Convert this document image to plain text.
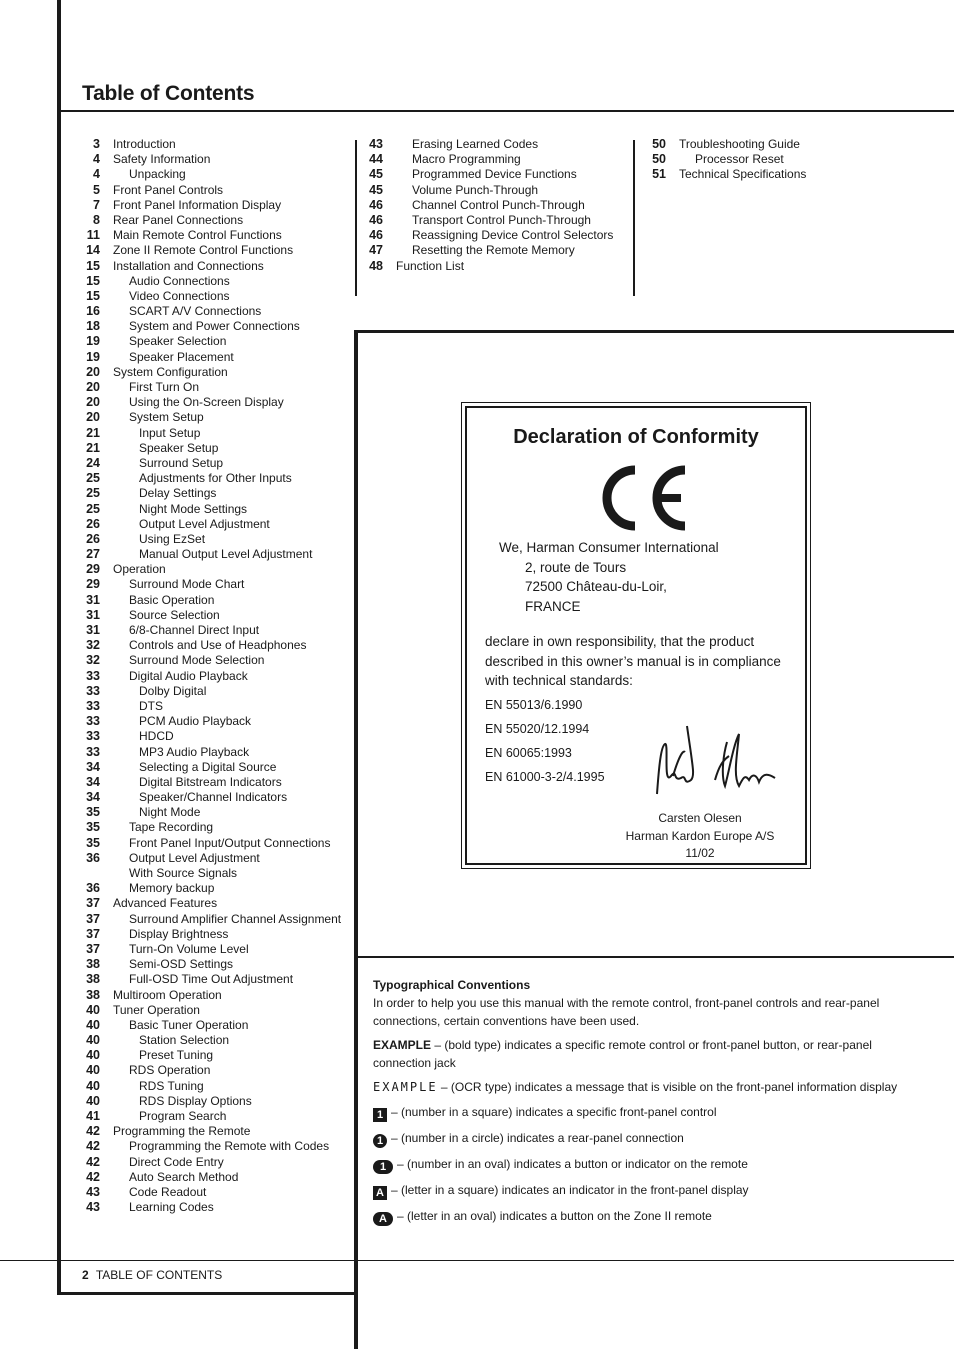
Table of Contents
3 Introduction
4 Safety Information
4 Unpacking
5 Front Panel Controls
7 Front Panel Information Display
8 Rear Panel Connections
11 Main Remote Control Functions
14 Zone II Remote Control Functions
15 Installation and Connections
15 Audio Connections
15 Video Connections
16 SCART A/V Connections
18 System and Power Connections
19 Speaker Selection
19 Speaker Placement
20 System Configuration
20 First Turn On
20 Using the On-Screen Display
20 System Setup
21	Input Setup
21	Speaker Setup
24	Surround Setup
25	Adjustments for Other Inputs
25	Delay Settings
25	Night Mode Settings
26	Output Level Adjustment
26	Using EzSet
27	Manual Output Level Adjustment
29 Operation
29 Surround Mode Chart
31 Basic Operation
31 Source Selection
31 6/8-Channel Direct Input
32 Controls and Use of Headphones
32 Surround Mode Selection
33 Digital Audio Playback
33	Dolby Digital
33	DTS
33	PCM Audio Playback
33	HDCD
33	MP3 Audio Playback
34	Selecting a Digital Source
34	Digital Bitstream Indicators
34	Speaker/Channel Indicators
35	Night Mode
35 Tape Recording
35 Front Panel Input/Output Connections
36 Output Level Adjustment
With Source Signals
36 Memory backup
37 Advanced Features
37 Surround Amplifier Channel Assignment
37 Display Brightness
37 Turn-On Volume Level
38 Semi-OSD Settings
38 Full-OSD Time Out Adjustment
38 Multiroom Operation
40 Tuner Operation
40 Basic Tuner Operation
40	Station Selection
40	Preset Tuning
40 RDS Operation
40	RDS Tuning
40	RDS Display Options
41	Program Search
42 Programming the Remote
42 Programming the Remote with Codes
42 Direct Code Entry
42 Auto Search Method
43 Code Readout
43 Learning Codes
43 Erasing Learned Codes
44 Macro Programming
45 Programmed Device Functions
45 Volume Punch-Through
46 Channel Control Punch-Through
46 Transport Control Punch-Through
46 Reassigning Device Control Selectors
47 Resetting the Remote Memory
48 Function List
50 Troubleshooting Guide
50 Processor Reset
51 Technical Specifications
Declaration of Conformity
We, Harman Consumer International
2, route de Tours
72500 Château-du-Loir,
FRANCE
declare in own responsibility, that the product
described in this owner’s manual is in compliance
with technical standards:
EN 55013/6.1990
EN 55020/12.1994
EN 60065:1993
EN 61000-3-2/4.1995
Carsten Olesen
Harman Kardon Europe A/S
11/02

Typographical Conventions

In order to help you use this manual with the remote control, front-panel controls and rear-panel connections, certain conventions have been used.

EXAMPLE – (bold type) indicates a specific remote control or front-panel button, or rear-panel connection jack

EXAMPLE – (OCR type) indicates a message that is visible on the front-panel information display

1 – (number in a square) indicates a specific front-panel control

1 – (number in a circle) indicates a rear-panel connection

1 – (number in an oval) indicates a button or indicator on the remote

A – (letter in a square) indicates an indicator in the front-panel display

A – (letter in an oval) indicates a button on the Zone II remote

2 TABLE OF CONTENTS
